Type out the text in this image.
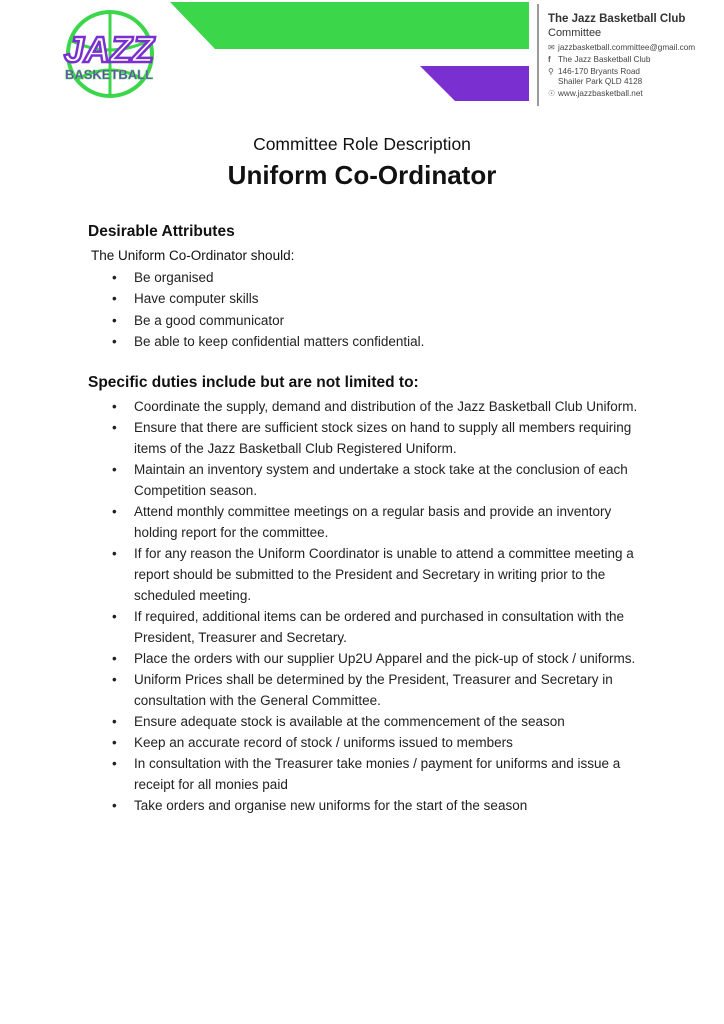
JAZZ
BASKETBALL
The Jazz Basketball Club
Committee
✉ jazzbasketball.committee@gmail.com
f The Jazz Basketball Club
⚲ 146-170 Bryants Road
Shailer Park QLD 4128
☉ www.jazzbasketball.net
Committee Role Description
Uniform Co-Ordinator
Desirable Attributes
The Uniform Co-Ordinator should:
• Be organised
• Have computer skills
• Be a good communicator
• Be able to keep confidential matters confidential.
Specific duties include but are not limited to:
• Coordinate the supply, demand and distribution of the Jazz Basketball Club Uniform.
• Ensure that there are sufficient stock sizes on hand to supply all members requiring items of the Jazz Basketball Club Registered Uniform.
• Maintain an inventory system and undertake a stock take at the conclusion of each Competition season.
• Attend monthly committee meetings on a regular basis and provide an inventory holding report for the committee.
• If for any reason the Uniform Coordinator is unable to attend a committee meeting a report should be submitted to the President and Secretary in writing prior to the scheduled meeting.
• If required, additional items can be ordered and purchased in consultation with the President, Treasurer and Secretary.
• Place the orders with our supplier Up2U Apparel and the pick-up of stock / uniforms.
• Uniform Prices shall be determined by the President, Treasurer and Secretary in consultation with the General Committee.
• Ensure adequate stock is available at the commencement of the season
• Keep an accurate record of stock / uniforms issued to members
• In consultation with the Treasurer take monies / payment for uniforms and issue a receipt for all monies paid
• Take orders and organise new uniforms for the start of the season
